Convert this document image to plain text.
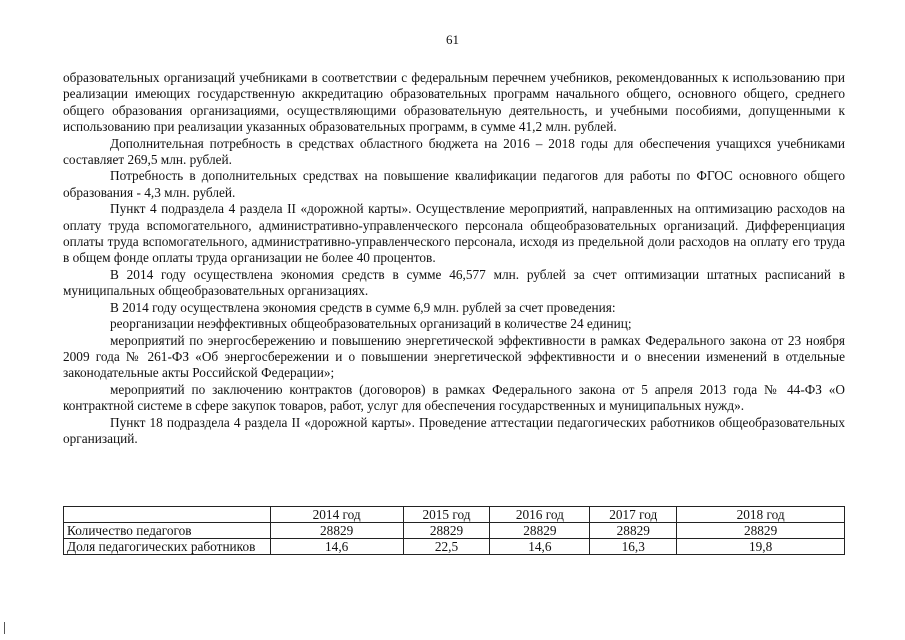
61

образовательных организаций учебниками в соответствии с федеральным перечнем учебников, рекомендованных к использованию при реализации имеющих государственную аккредитацию образовательных программ начального общего, основного общего, среднего общего образования организациями, осуществляющими образовательную деятельность, и учебными пособиями, допущенными к использованию при реализации указанных образовательных программ, в сумме 41,2 млн. рублей.

Дополнительная потребность в средствах областного бюджета на 2016 – 2018 годы для обеспечения учащихся учебниками составляет 269,5 млн. рублей.

Потребность в дополнительных средствах на повышение квалификации педагогов для работы по ФГОС основного общего образования - 4,3 млн. рублей.

Пункт 4 подраздела 4 раздела II «дорожной карты». Осуществление мероприятий, направленных на оптимизацию расходов на оплату труда вспомогательного, административно-управленческого персонала общеобразовательных организаций. Дифференциация оплаты труда вспомогательного, административно-управленческого персонала, исходя из предельной доли расходов на оплату его труда в общем фонде оплаты труда организации не более 40 процентов.

В 2014 году осуществлена экономия средств в сумме 46,577 млн. рублей за счет оптимизации штатных расписаний в муниципальных общеобразовательных организациях.

В 2014 году осуществлена экономия средств в сумме 6,9 млн. рублей за счет проведения:

реорганизации неэффективных общеобразовательных организаций в количестве 24 единиц;

мероприятий по энергосбережению и повышению энергетической эффективности в рамках Федерального закона от 23 ноября 2009 года № 261-ФЗ «Об энергосбережении и о повышении энергетической эффективности и о внесении изменений в отдельные законодательные акты Российской Федерации»;

мероприятий по заключению контрактов (договоров) в рамках Федерального закона от 5 апреля 2013 года № 44-ФЗ «О контрактной системе в сфере закупок товаров, работ, услуг для обеспечения государственных и муниципальных нужд».

Пункт 18 подраздела 4 раздела II «дорожной карты». Проведение аттестации педагогических работников общеобразовательных организаций.

	2014 год	2015 год	2016 год	2017 год	2018 год
Количество педагогов	28829	28829	28829	28829	28829

Доля педагогических работников	14,6	22,5	14,6	16,3	19,8
